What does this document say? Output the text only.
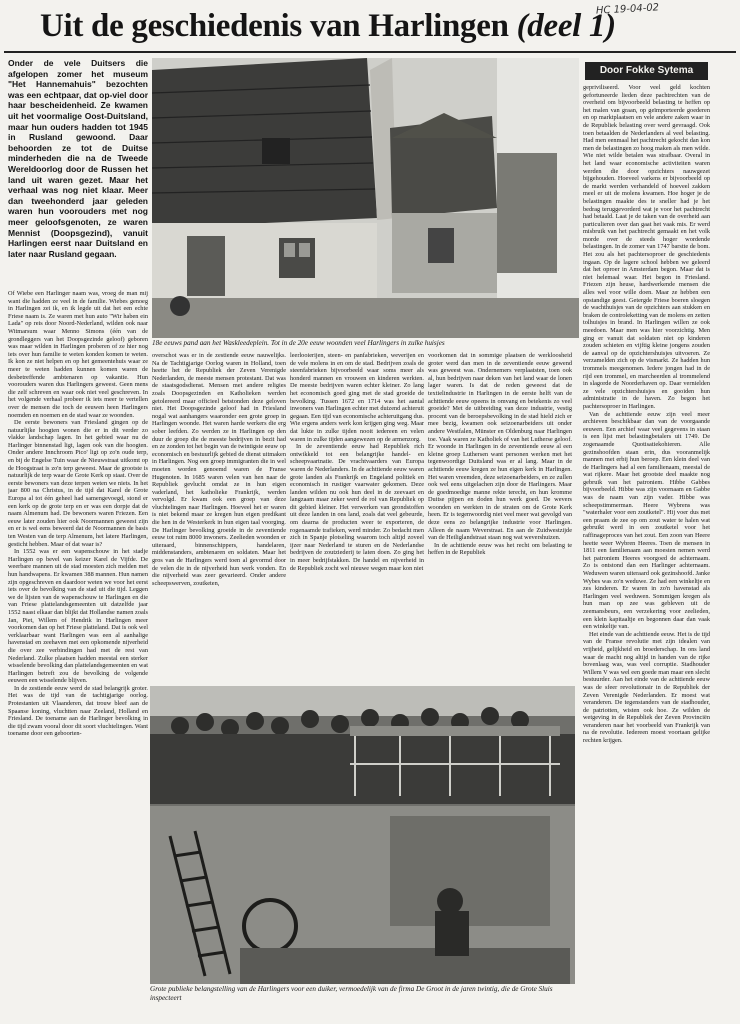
Uit de geschiedenis van Harlingen (deel 1)
HC 19-04-02
Onder de vele Duitsers die afgelopen zomer het museum "Het Hannemahuis" bezochten was een echtpaar, dat op-viel door haar bescheidenheid. Ze kwamen uit het voormalige Oost-Duitsland, maar hun ouders hadden tot 1945 in Rusland gewoond. Daar behoorden ze tot de Duitse minderheden die na de Tweede Wereldoorlog door de Russen het land uit waren gezet. Maar het verhaal was nog niet klaar. Meer dan tweehonderd jaar geleden waren hun voorouders met nog meer geloofsgenoten, ze waren Mennist (Doopsgezind), vanuit Harlingen eerst naar Duitsland en later naar Rusland gegaan.
Door Fokke Sytema
18e eeuws pand aan het Waskleedeplein. Tot in de 20e eeuw woonden veel Harlingers in zulke huisjes

Of Wiebe een Harlinger naam was, vroeg de man mij want die hadden ze veel in de familie. Wiebes genoeg in Harlingen zei ik, en ik legde uit dat het een echte Friese naam is. Ze waren met hun auto "Wir haben ein Lada" op reis door Noord-Nederland, wilden ook naar Witmarsum waar Menno Simons (één van de grondleggers van het Doopsgezinde geloof) geboren was maar wilden in Harlingen proberen of ze hier nog iets over hun familie te weten konden komen te weten. Ik kon ze niet helpen en op het gemeentehuis waar ze meer te weten hadden kunnen komen waren de desbetreffende ambtenaren op vakantie. Hun voorouders waren dus Harlingers geweest. Geen mens die zelf schreven en waar ook niet veel geschreven. In het volgende verhaal probeer ik iets meer te vertellen over de mensen die toch de eeuwen heen Harlingers noemden en noemen en de stad waar ze woonden.

De eerste bewoners van Friesland gingen op de natuurlijke hoogten wonen die er in dit verder zo vlakke landschap lagen. In het gebied waar nu de Harlinger binnenstad ligt, lagen ook van die hoogten. Onder andere Innchroom Pico' ligt op zo'n oude terp, en bij de Engelse Tuin waar de Nieuwstraat uitkomt op de Hoogstraat is zo'n terp geweest. Maar de grootste is natuurlijk de terp waar de Grote Kerk op staat. Over de eerste bewoners van deze terpen weten we niets. In het jaar 800 na Christus, in de tijd dat Karel de Grote Europa al tot één geheel had samengevoegd, stond er een kerk op de grote terp en er was een dorpje dat de naam Almenum had. De bewoners waren Friezen. Een eeuw later zouden hier ook Noormannen geweest zijn en er is wel eens beweerd dat de Noormannen de basis ten Westen van de terp Almenum, het latere Harlingen, gesticht hebben. Maar of dat waar is?

In 1552 was er een wapenschouw in het stadje Harlingen op bevel van keizer Karel de Vijfde. De weerbare mannen uit de stad moesten zich melden met hun handwapens. Er kwamen 388 mannen. Hun namen zijn opgeschreven en daardoor weten we voor het eerst iets over de bevolking van de stad uit die tijd. Leggen we de lijsten van de wapenschouw te Harlingen en die van Friese plattelandsgemeenten uit datzelfde jaar 1552 naast elkaar dan blijkt dat Hollandse namen zoals Jan, Piet, Willem of Hendrik in Harlingen meer voorkomen dan op het Friese platteland. Dat is ook wel verklaarbaar want Harlingen was een al aanhalige havenstad en zeehaven met een opkomende nijverheid die over zee verbindingen had met de rest van Nederland. Zulke plaatsen hadden meestal een sterker wisselende bevolking dan plattelandsgemeenten en wat Harlingen betreft zou de bevolking de volgende eeuwen een wisselende blijven.

In de zestiende eeuw werd de stad belangrijk groter. Het was de tijd van de tachtigjarige oorlog. Protestanten uit Vlaanderen, dat trouw bleef aan de Spaanse koning, vluchtten naar Zeeland, Holland en Friesland. De toename aan de Harlinger bevolking in die tijd zwam vooral door dit soort vluchtelingen. Want toename door een geboorten-

overschot was er in de zestiende eeuw nauwelijks. Na de Tachtigjarige Oorlog waren in Holland, toen heette het de Republiek der Zeven Verenigde Nederlanden, de meeste mensen protestant. Dat was de staatsgodsdienst. Mensen met andere religies zoals Doopsgezinden en Katholieken werden getolereerd maar officieel betstonden deze geloven niet. Het Doopsgezinde geloof had in Friesland nogal wat aanhangers waaronder een grote groep in Harlingen woonde. Het waren harde werkers die erg sober leefden. Zo werden ze in Harlingen op den duur de groep die de meeste bedrijven in bezit had en ze zonden tot het begin van de twintigste eeuw op economisch en bestuurlijk gebied de dienst uitmaken in Harlingen. Nog een groep immigranten die in wel moeten worden genoemd waren de Franse Hugenoten. In 1685 waren velen van hen naar de Republiek gevlucht omdat ze in hun eigen vaderland, het katholieke Frankrijk, werden vervolgd. Er kwam ook een groep van deze vluchtelingen naar Harlingen. Hoeveel het er waren is niet bekend maar ze kregen hun eigen predikant die hen in de Westerkerk in hun eigen taal voorging. De Harlinger bevolking groeide in de zeventiende eeuw tot ruim 8000 inwoners. Zeelieden woonden er uiteraard, binnenschippers, handelaren, middenstanders, ambtenaren en soldaten. Maar het gros van de Harlingers werd toen al gevormd door de velen die in de nijverheid hun werk vonden. En die nijverheid was zeer gevarieerd. Onder andere scheepswerven, zoutketen,

leerlooierijen, steen- en panfabrieken, weverijen en de vele molens in en om de stad. Bedrijven zoals de steenfabrieken bijvoorbeeld waar soms meer als honderd mannen en vrouwen en kinderen werkten. De meeste bedrijven waren echter kleiner. Zo lang het economisch goed ging met de stad groeide de bevolking. Tussen 1672 en 1714 was het aantal inwoners van Harlingen echter met duizend achteruit gegaan. Een tijd van economische achteruitgang dus. Wie ergens anders werk kon krijgen ging weg. Maar dat lukte in zulke tijden nooit iedereen en velen waren in zulke tijden aangewezen op de armenzorg.

In de zeventiende eeuw had Republiek rich ontwikkeld tot een belangrijke handel- en scheepvaartnatie. De vrachtvaarders van Europa waren de Nederlanders. In de achttiende eeuw waren grote landen als Frankrijk en Engeland politiek en economisch in rustiger vaarwater gekomen. Deze landen wilden nu ook hun deel in de zeevaart en langzaam maar zeker werd de rol van Republiek op dit gebied kleiner. Het verwerken van grondstoffen uit deze landen in ons land, zoals dat veel gebeurde, om daarna de producten weer te exporteren, de rogenaamde trafieken, werd minder. Zo bedacht men zich in Spanje plotseling waarom toch altijd zoveel ijzer naar Nederland te sturen en de Nederlandse bedrijven de zoutziederij te laten doen. Zo ging het in meer bedrijfstakken. De handel en nijverheid in de Republiek zocht wel nieuwe wegen maar kon niet

voorkomen dat in sommige plaatsen de werkloosheid groter werd dan men in de zeventiende eeuw gewend was geweest was. Ondernemers verplaatsten, toen ook al, hun bedrijven naar deken van het land waar de lonen lager waren. Is dat de reden geweest dat de textielindustrie in Harlingen in de eerste helft van de achttiende eeuw opeens in omvang en betekenis zo veel groeide? Met de uitbreiding van deze industrie, vestig procent van de beroepsbevolking in de stad hield zich er mee bezig, kwamen ook seizoenarbeiders uit onder andere Westfalen, Münster en Oldenburg naar Harlingen toe. Vaak waren ze Katholiek of van het Lutherse geloof. Er woonde in Harlingen in de zeventiende eeuw al een kleine groep Luthersen want personen werken met het tegenwoordige Duitsland was er al lang. Maar in de achttiende eeuw kregen ze hun eigen kerk in Harlingen. Het waren vreemden, deze seizoenarbeiders, en ze zullen ook wel eens uitgelachen zijn door de Harlingers. Maar de goedmoedige manne rekte terecht, en hun kromme Duitse pijpen en doden hun werk goed. De wevers woonden en werkten in de straten om de Grote Kerk heen. Er is tegenwoordig niet veel meer wat gevolgd van deze eens zo belangrijke industrie voor Harlingen. Alleen de naam Weverstraat. En aan de Zuidwestzijde van de Heiliglandstraat staan nog wat wevershuizen.

In de achttiende eeuw was het recht om belasting te heffen in de Republiek

gepriviliseerd. Voor veel geld kochten gefortuneerde lieden deze pachtrechten van de overheid om bijvoorbeeld belasting te heffen op het malen van graan, op geïmporteerde goederen en op marktplaatsen en vele andere zaken waar in de Republiek belasting over werd gevraagd. Ook toen betaalden de Nederlanders al veel belasting. Had men eenmaal het pachtrecht gekocht dan kon men de belastingen zo hoog maken als men wilde. Wie niet wilde betalen was strafbaar. Overal in het land waar economische activiteiten waren werden die door opzichters nauwgezet bijgehouden. Hoeveel varkens er bijvoorbeeld op de markt werden verhandeld of hoeveel zakken meel er uit de molens kwamen. Hoe hoger je de belastingen maakte des te sneller had je het bedrag teruggevorderd wat je voor het pachtrecht had betaald. Laat je de taken van de overheid aan particulieren over dan gaat het vaak mis. Er werd misbruik van het pachtrecht gemaakt en het volk morde over de steeds hoger wordende belastingen. In de zomer van 1747 barstte de bom. Het zou als het pachtersoproer de geschiedenis ingaan. Op de lagere school hebben we geleerd dat het oproer in Amsterdam begon. Maar dat is niet helemaal waar. Het begon in Friesland. Friezen zijn heuse, hardwerkende mensen die alles wel voor wille doen. Maar ze hebben een opstandige geest. Getergde Friese boeren sloegen de wachthuisjes van de opzichters aan stukken en braken de controleketting van de molens en zetten tolhuisjes in brand. In Harlingen willen ze ook meedoen. Maar men was hier voorzichtig. Men ging er vanuit dat soldaten niet op kinderen zouden schieten en vijftig kleine jongens zouden de aanval op de opzichtershuisjes uitvoeren. Ze verzamelden zich op de vismarkt. Ze hadden hun trommels meegenomen. Iedere jongen had in de rijd een trommel, en marcheerden al trommelend in slagorde de Noorderhaven op. Daar vernielden ze vele opzichtershuisjes en gooiden hun administratie in de haven. Zo begon het pachtersoproer in Harlingen.

Van de achttiende eeuw zijn veel meer archieven beschikbaar dan van de voorgaande eeuwen. Een archief waar veel gegevens in staan is een lijst met belastingbetalers uit 1749. De zogenaamde Quotisatiekohieren. Alle gezinshoofden staan erin, dus vooranmelijk mannen met erbij hun beroep. Een klein deel van de Harlingers had al een familienaam, meestal de wat rijkere. Maar het grootste deel maakte nog gebruik van het patroniem. Hibbe Gabbes bijvoorbeeld. Hibbe was zijn voornaam en Gabbe was de naam van zijn vader. Hibbe was scheepstimmerman. Heere Wybrens was "waterhaler voor een zoutketel". Hij voer dus met een praam de zee op om zout water te halen wat gebruikt werd in een zoutketel voor het raffinageproces van het zout. Een zoon van Heere heette weer Wybren Heeres. Toen de mensen in 1811 een familienaam aan moesten nemen werd het patroniem Heeres voorgoed de achternaam. Zo is ontstond dan een Harlinger achternaam. Weduwen waren uiteraard ook gezinshoofd. Janke Wybes was zo'n weduwe. Ze had een winkeltje en zes kinderen. Er waren in zo'n havenstad als Harlingen veel weduwen. Sommigen kregen als hun man op zee was gebleven uit de zeemansbeurs, een verzekering voor zeelieden, een klein kapitaaltje en begonnen daar dan vaak een winkeltje van.

Het einde van de achttiende eeuw. Het is de tijd van de Franse revolutie met zijn idealen van vrijheid, gelijkheid en broederschap. In ons land waar de macht nog altijd in handen van de rijke bovenlaag was, was veel corruptie. Stadhouder Willem V was wel een goede man maar een slecht bestuurder. Aan het einde van de achttiende eeuw was de sfeer revolutionair in de Republiek der Zeven Verenigde Nederlanden. Er moest wat veranderen. De tegenstanders van de stadhouder, de patriotten, wisten ook hoe. Ze wilden de wetgeving in de Republiek der Zeven Provinciën veranderen naar het voorbeeld van Frankrijk van na de revolutie. Iedereen moest voortaan gelijke rechten krijgen.

Grote publieke belangstelling van de Harlingers voor een duiker, vermoedelijk van de firma De Groot in de jaren twintig, die de Grote Sluis inspecteert
